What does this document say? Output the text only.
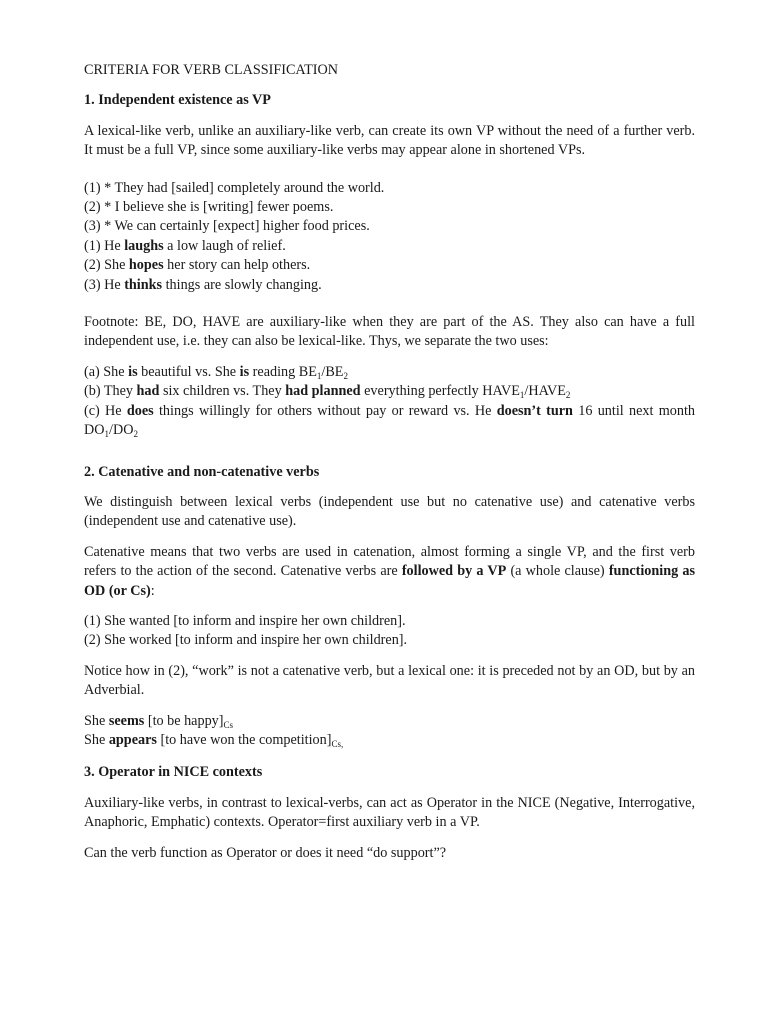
CRITERIA FOR VERB CLASSIFICATION
1. Independent existence as VP

A lexical-like verb, unlike an auxiliary-like verb, can create its own VP without the need of a further verb. It must be a full VP, since some auxiliary-like verbs may appear alone in shortened VPs.

(1) * They had [sailed] completely around the world.
(2) * I believe she is [writing] fewer poems.
(3) * We can certainly [expect] higher food prices.
(1) He laughs a low laugh of relief.
(2) She hopes her story can help others.
(3) He thinks things are slowly changing.

Footnote: BE, DO, HAVE are auxiliary-like when they are part of the AS. They also can have a full independent use, i.e. they can also be lexical-like. Thys, we separate the two uses:

(a) She is beautiful vs. She is reading $BE_1/BE_2$
(b) They had six children vs. They had planned everything perfectly $HAVE_1/HAVE_2$
(c) He does things willingly for others without pay or reward vs. He doesn’t turn 16 until next month $DO_1/DO_2$
2. Catenative and non-catenative verbs

We distinguish between lexical verbs (independent use but no catenative use) and catenative verbs (independent use and catenative use).

Catenative means that two verbs are used in catenation, almost forming a single VP, and the first verb refers to the action of the second. Catenative verbs are followed by a VP (a whole clause) functioning as OD (or Cs):

(1) She wanted [to inform and inspire her own children].
(2) She worked [to inform and inspire her own children].

Notice how in (2), “work” is not a catenative verb, but a lexical one: it is preceded not by an OD, but by an Adverbial.

She seems [to be $happy]_{Cs}$
She appears [to have won the $competition]_{Cs,}$
3. Operator in NICE contexts

Auxiliary-like verbs, in contrast to lexical-verbs, can act as Operator in the NICE (Negative, Interrogative, Anaphoric, Emphatic) contexts. Operator=first auxiliary verb in a VP.

Can the verb function as Operator or does it need “do support”?
